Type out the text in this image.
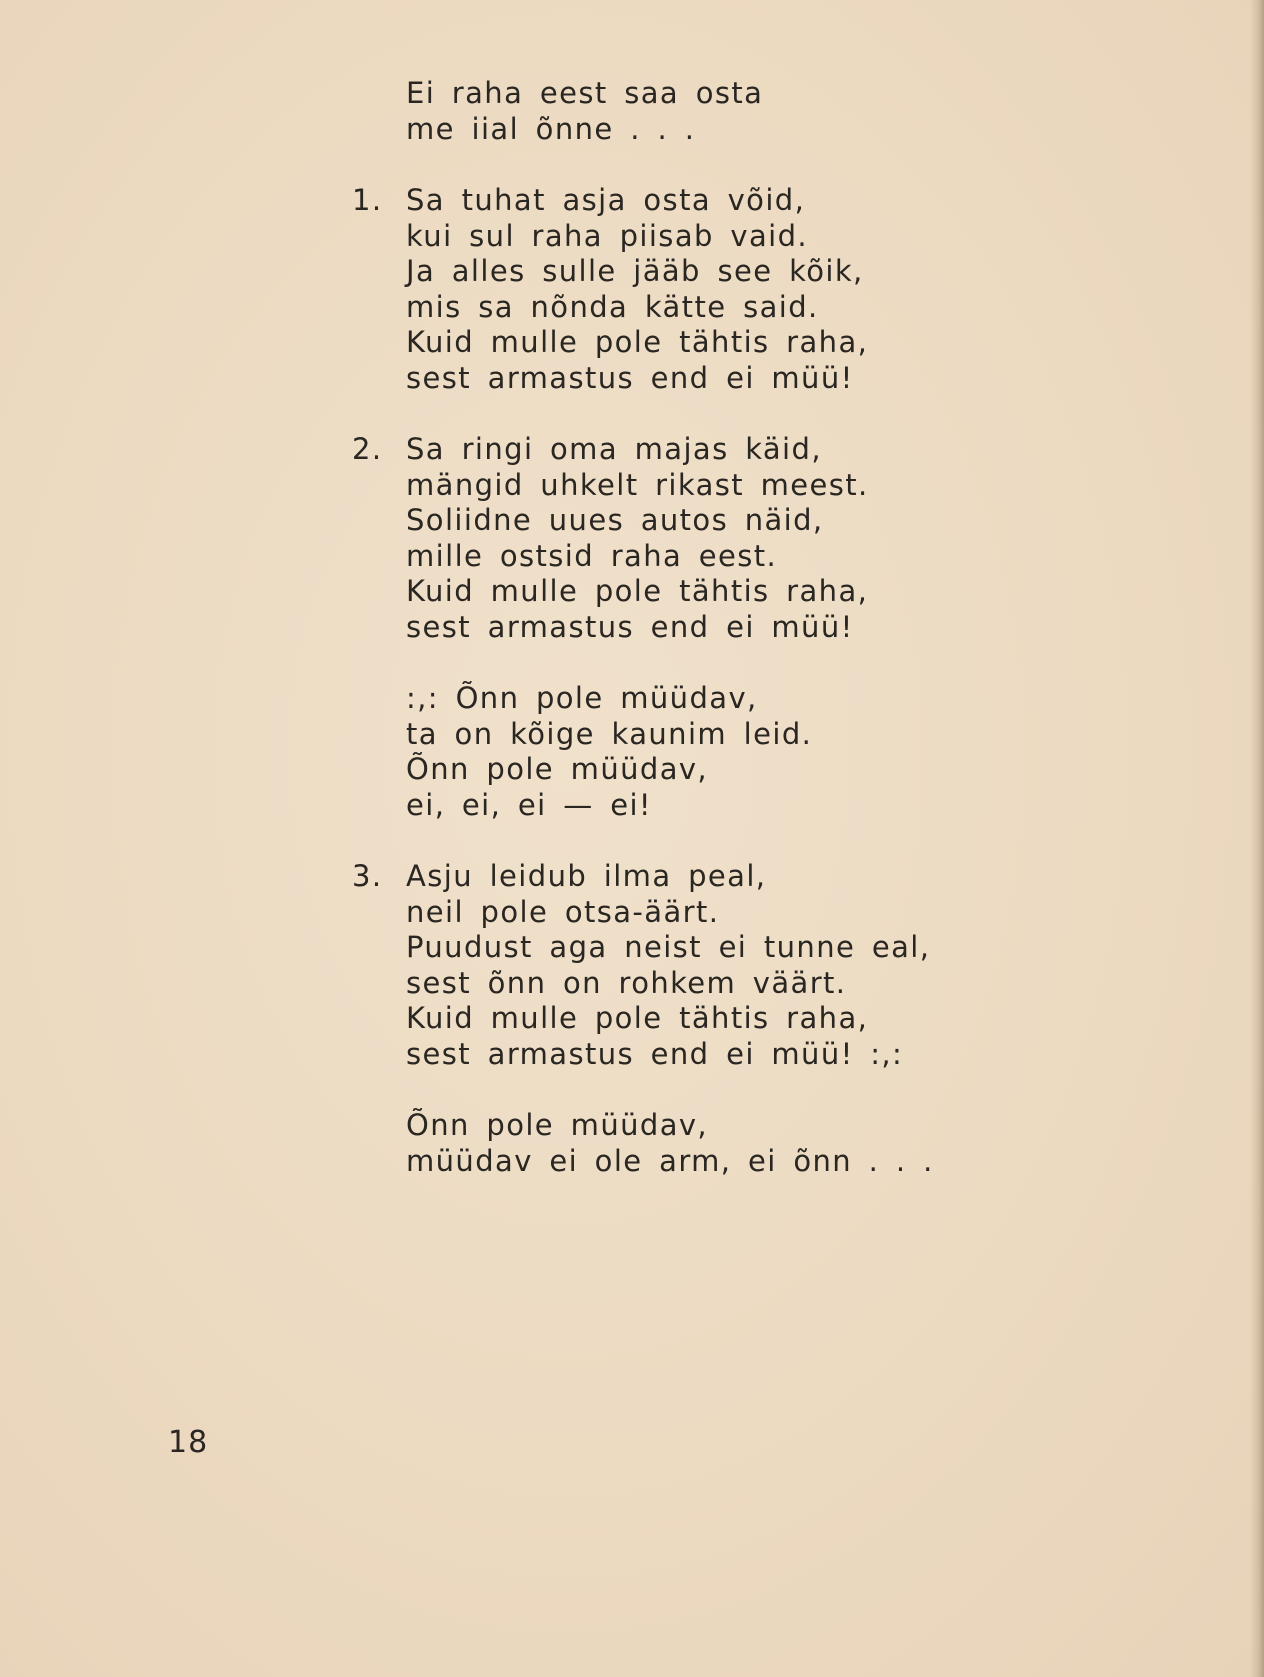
Ei raha eest saa osta
me iial õnne . . .
1. Sa tuhat asja osta võid,
kui sul raha piisab vaid.
Ja alles sulle jääb see kõik,
mis sa nõnda kätte said.
Kuid mulle pole tähtis raha,
sest armastus end ei müü!
2. Sa ringi oma majas käid,
mängid uhkelt rikast meest.
Soliidne uues autos näid,
mille ostsid raha eest.
Kuid mulle pole tähtis raha,
sest armastus end ei müü!
:,: Õnn pole müüdav,
ta on kõige kaunim leid.
Õnn pole müüdav,
ei, ei, ei — ei!
3. Asju leidub ilma peal,
neil pole otsa-äärt.
Puudust aga neist ei tunne eal,
sest õnn on rohkem väärt.
Kuid mulle pole tähtis raha,
sest armastus end ei müü! :,:
Õnn pole müüdav,
müüdav ei ole arm, ei õnn . . .
18
